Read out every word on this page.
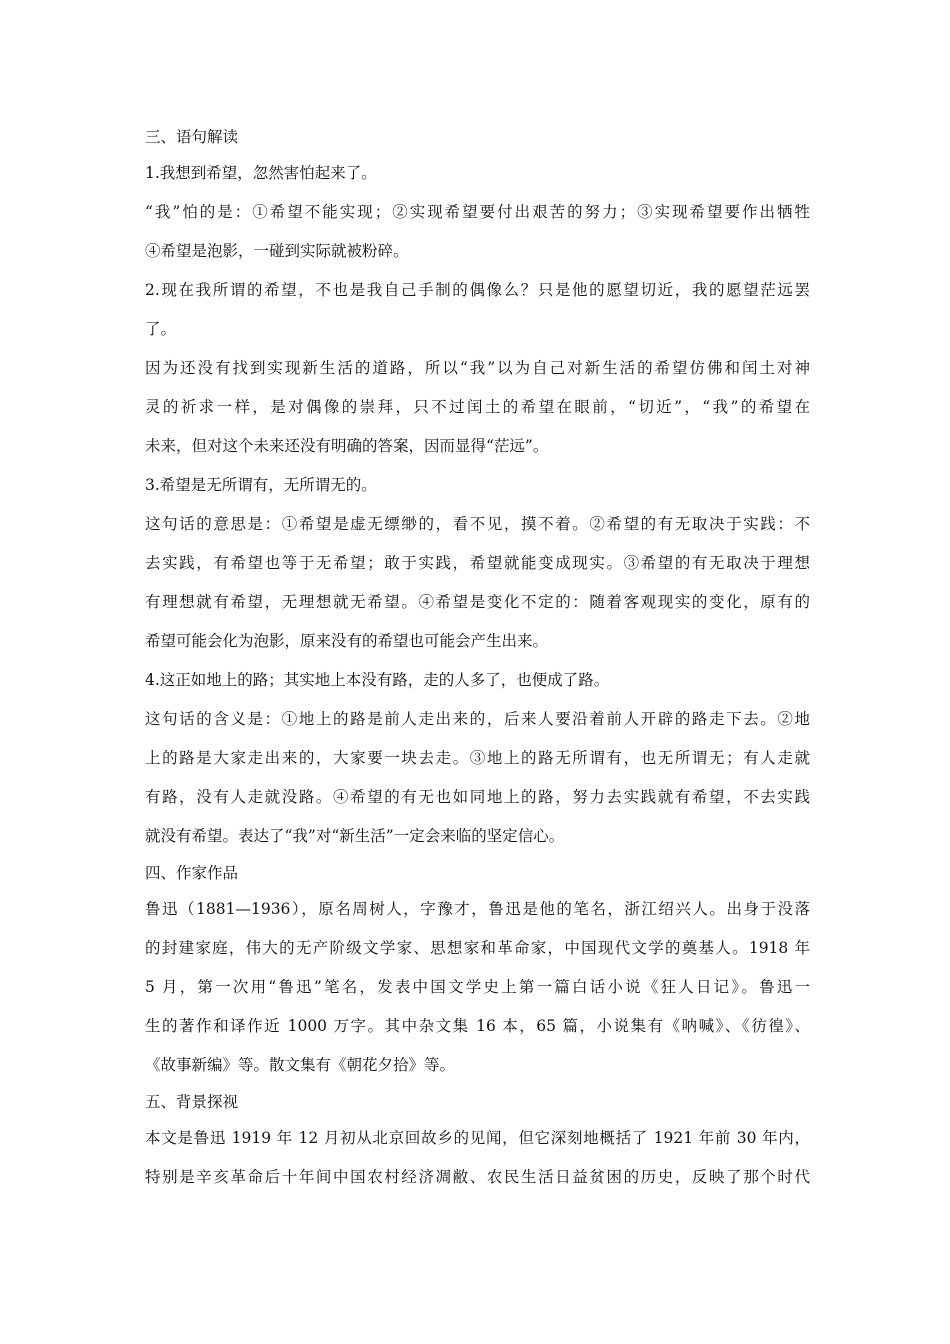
三、语句解读
1.我想到希望，忽然害怕起来了。
“我”怕的是：①希望不能实现；②实现希望要付出艰苦的努力；③实现希望要作出牺牲
④希望是泡影，一碰到实际就被粉碎。
2.现在我所谓的希望，不也是我自己手制的偶像么？只是他的愿望切近，我的愿望茫远罢
了。
因为还没有找到实现新生活的道路，所以“我”以为自己对新生活的希望仿佛和闰土对神
灵的祈求一样，是对偶像的崇拜，只不过闰土的希望在眼前，“切近”，“我”的希望在
未来，但对这个未来还没有明确的答案，因而显得“茫远”。
3.希望是无所谓有，无所谓无的。
这句话的意思是：①希望是虚无缥缈的，看不见，摸不着。②希望的有无取决于实践：不
去实践，有希望也等于无希望；敢于实践，希望就能变成现实。③希望的有无取决于理想
有理想就有希望，无理想就无希望。④希望是变化不定的：随着客观现实的变化，原有的
希望可能会化为泡影，原来没有的希望也可能会产生出来。
4.这正如地上的路；其实地上本没有路，走的人多了，也便成了路。
这句话的含义是：①地上的路是前人走出来的，后来人要沿着前人开辟的路走下去。②地
上的路是大家走出来的，大家要一块去走。③地上的路无所谓有，也无所谓无；有人走就
有路，没有人走就没路。④希望的有无也如同地上的路，努力去实践就有希望，不去实践
就没有希望。表达了“我”对“新生活”一定会来临的坚定信心。
四、作家作品
鲁迅（1881—1936），原名周树人，字豫才，鲁迅是他的笔名，浙江绍兴人。出身于没落
的封建家庭，伟大的无产阶级文学家、思想家和革命家，中国现代文学的奠基人。1918 年
5 月，第一次用“鲁迅”笔名，发表中国文学史上第一篇白话小说《狂人日记》。鲁迅一
生的著作和译作近 1000 万字。其中杂文集 16 本，65 篇，小说集有《呐喊》、《彷徨》、
《故事新编》等。散文集有《朝花夕拾》等。
五、背景探视
本文是鲁迅 1919 年 12 月初从北京回故乡的见闻，但它深刻地概括了 1921 年前 30 年内，
特别是辛亥革命后十年间中国农村经济凋敝、农民生活日益贫困的历史，反映了那个时代
